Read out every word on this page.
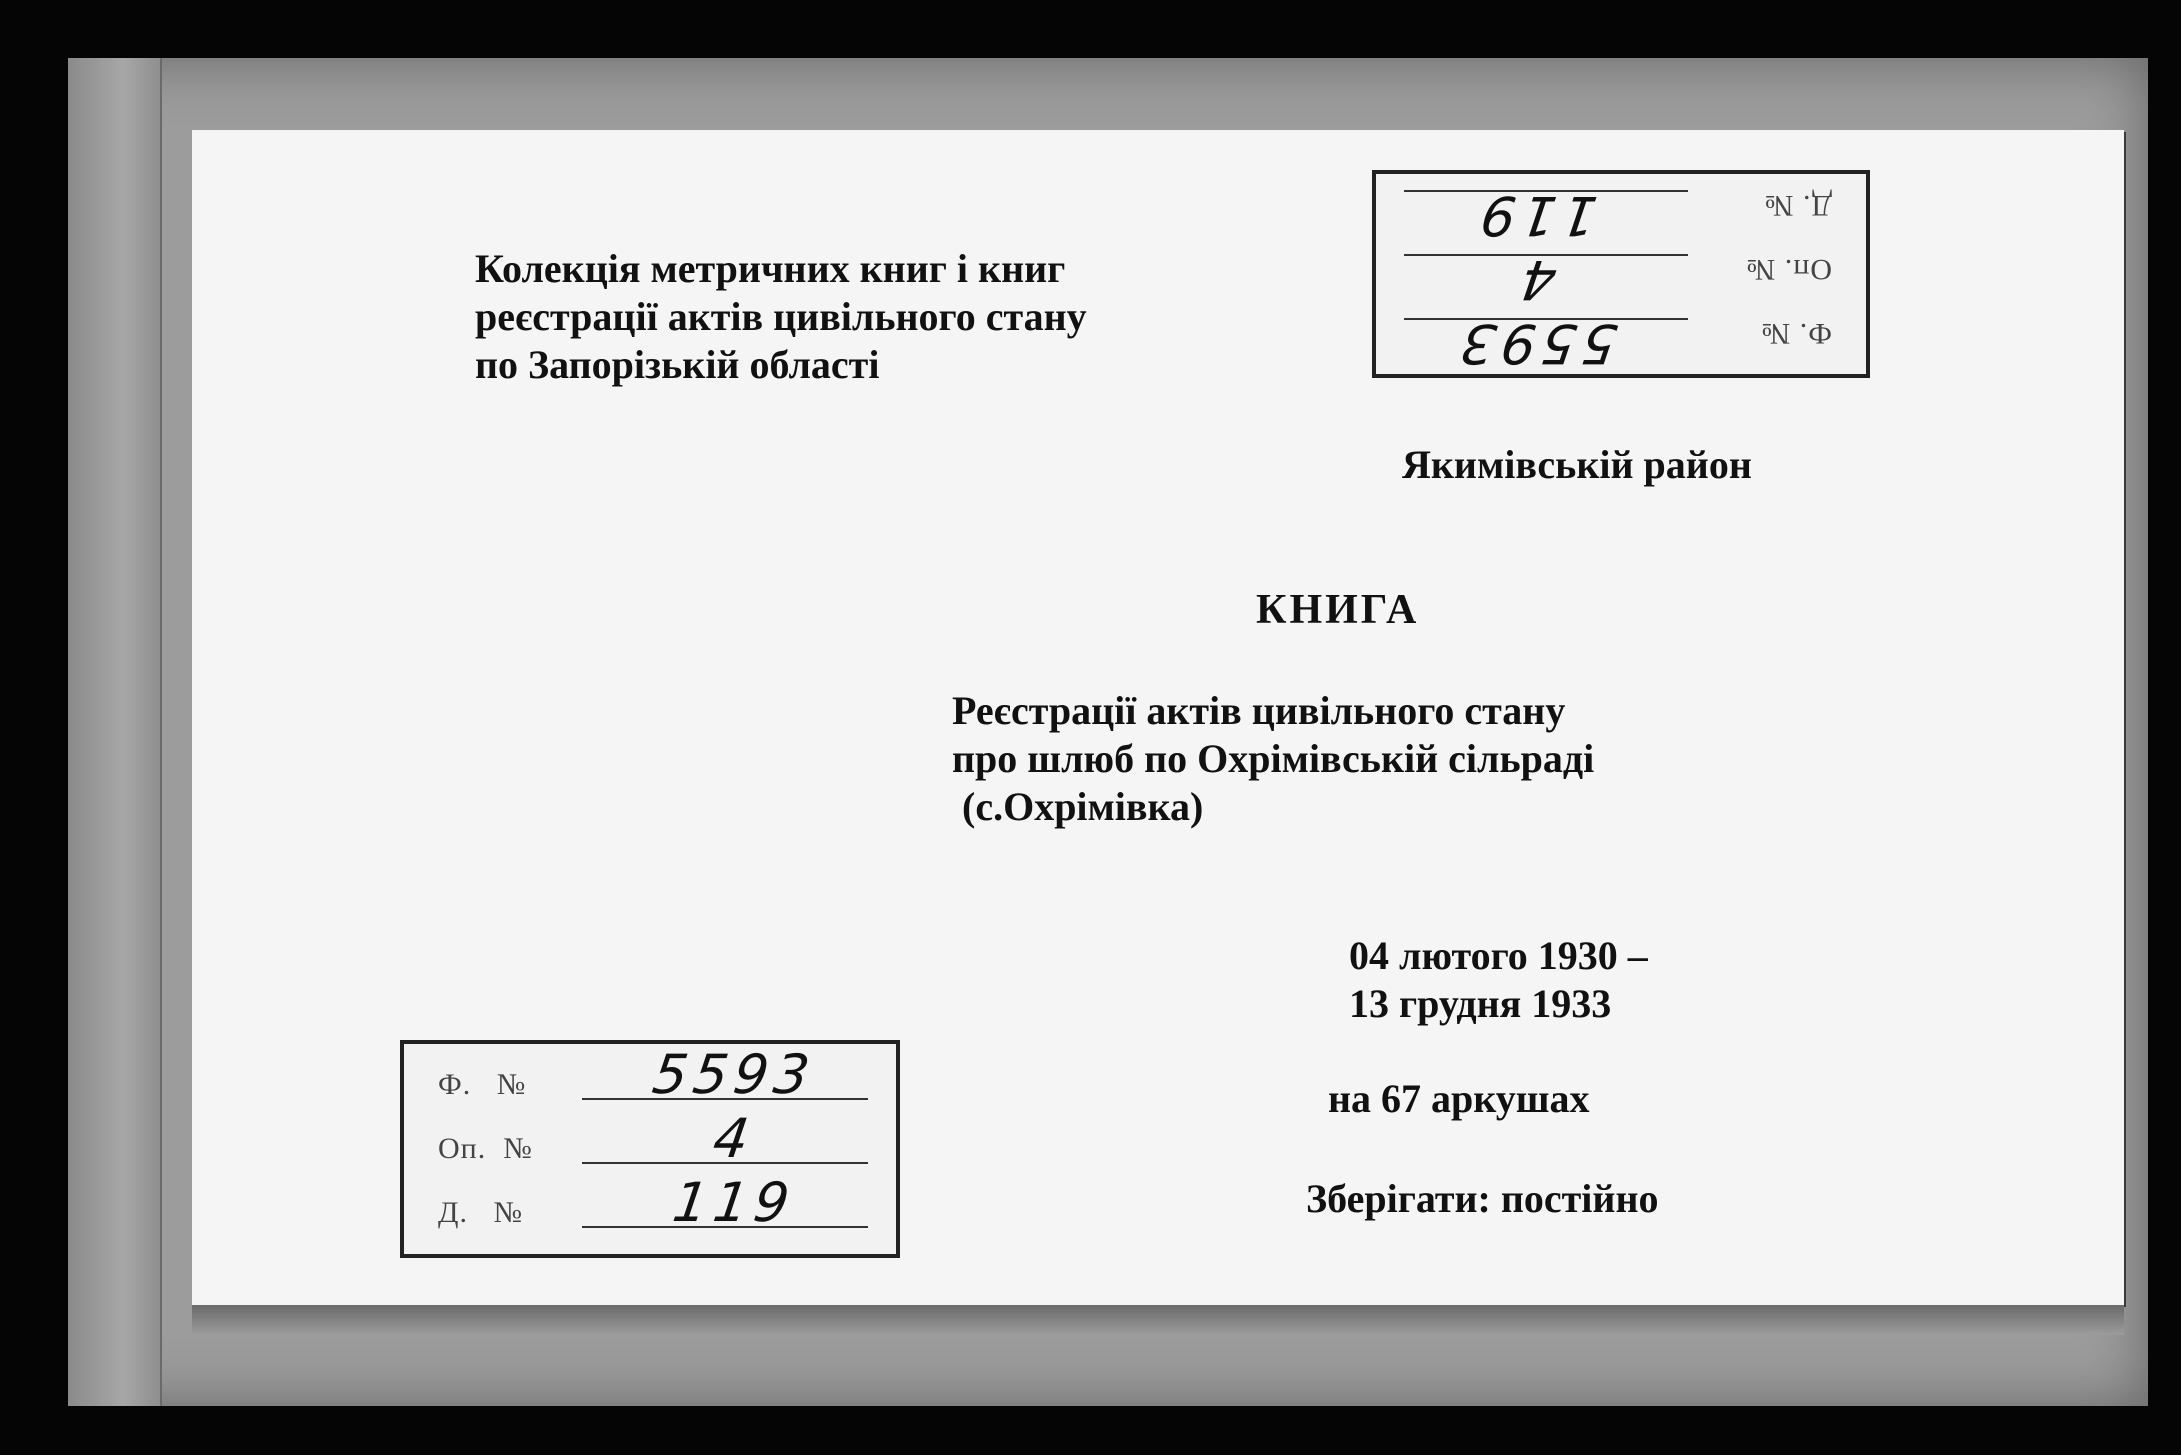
Колекція метричних книг і книг
реєстрації актів цивільного стану
по Запорізькій області
Якимівській район
КНИГА
Реєстрації актів цивільного стану
про шлюб по Охрімівській сільраді
(с.Охрімівка)
04 лютого 1930 –
13 грудня 1933
на 67 аркушах
Зберігати: постійно
Ф.   №	5593
Оп.  №	4
Д.   №	119
Ф. №
5593
Оп. №
4
Д. №
119
